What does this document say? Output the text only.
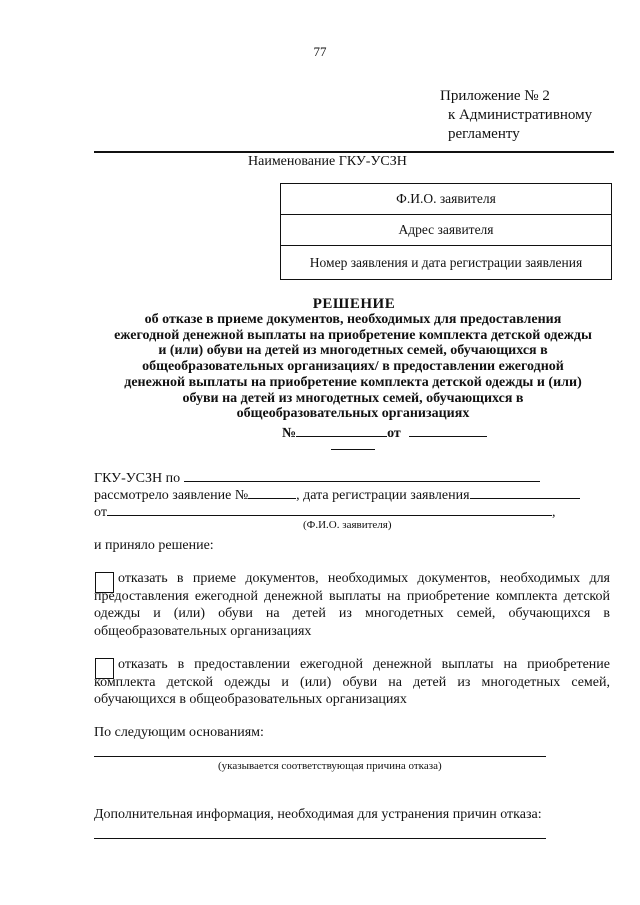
77
Приложение № 2
к Административному
регламенту
Наименование ГКУ-УСЗН
Ф.И.О. заявителя
Адрес заявителя
Номер заявления и дата регистрации заявления
РЕШЕНИЕ
об отказе в приеме документов, необходимых для предоставления ежегодной денежной выплаты на приобретение комплекта детской одежды и (или) обуви на детей из многодетных семей, обучающихся в общеобразовательных организациях/ в предоставлении ежегодной денежной выплаты на приобретение комплекта детской одежды и (или) обуви на детей из многодетных семей, обучающихся в общеобразовательных организациях
№	от
ГКУ-УСЗН по
рассмотрело заявление №	, дата регистрации заявления
от	,
(Ф.И.О. заявителя)
и приняло решение:
отказать в приеме документов, необходимых документов, необходимых для предоставления ежегодной денежной выплаты на приобретение комплекта детской одежды и (или) обуви на детей из многодетных семей, обучающихся в общеобразовательных организациях
отказать в предоставлении ежегодной денежной выплаты на приобретение комплекта детской одежды и (или) обуви на детей из многодетных семей, обучающихся в общеобразовательных организациях
По следующим основаниям:
(указывается соответствующая причина отказа)
Дополнительная информация, необходимая для устранения причин отказа:
